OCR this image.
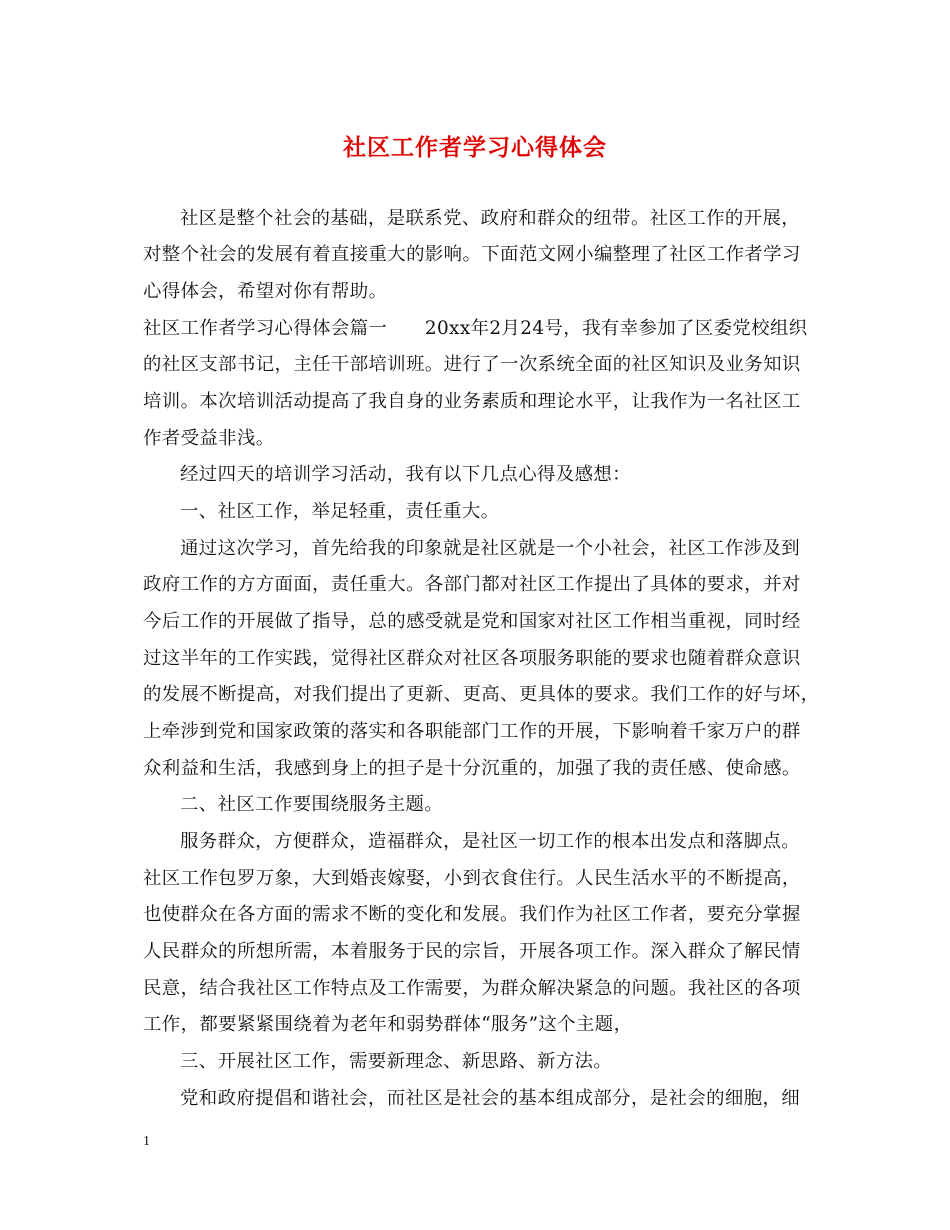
社区工作者学习心得体会
社区是整个社会的基础，是联系党、政府和群众的纽带。社区工作的开展，
对整个社会的发展有着直接重大的影响。下面范文网小编整理了社区工作者学习
心得体会，希望对你有帮助。
社区工作者学习心得体会篇一　　20xx年2月24号，我有幸参加了区委党校组织
的社区支部书记，主任干部培训班。进行了一次系统全面的社区知识及业务知识
培训。本次培训活动提高了我自身的业务素质和理论水平，让我作为一名社区工
作者受益非浅。
经过四天的培训学习活动，我有以下几点心得及感想：
一、社区工作，举足轻重，责任重大。
通过这次学习，首先给我的印象就是社区就是一个小社会，社区工作涉及到
政府工作的方方面面，责任重大。各部门都对社区工作提出了具体的要求，并对
今后工作的开展做了指导，总的感受就是党和国家对社区工作相当重视，同时经
过这半年的工作实践，觉得社区群众对社区各项服务职能的要求也随着群众意识
的发展不断提高，对我们提出了更新、更高、更具体的要求。我们工作的好与坏，
上牵涉到党和国家政策的落实和各职能部门工作的开展，下影响着千家万户的群
众利益和生活，我感到身上的担子是十分沉重的，加强了我的责任感、使命感。
二、社区工作要围绕服务主题。
服务群众，方便群众，造福群众，是社区一切工作的根本出发点和落脚点。
社区工作包罗万象，大到婚丧嫁娶，小到衣食住行。人民生活水平的不断提高，
也使群众在各方面的需求不断的变化和发展。我们作为社区工作者，要充分掌握
人民群众的所想所需，本着服务于民的宗旨，开展各项工作。深入群众了解民情
民意，结合我社区工作特点及工作需要，为群众解决紧急的问题。我社区的各项
工作，都要紧紧围绕着为老年和弱势群体“服务”这个主题，
三、开展社区工作，需要新理念、新思路、新方法。
党和政府提倡和谐社会，而社区是社会的基本组成部分，是社会的细胞，细
1
